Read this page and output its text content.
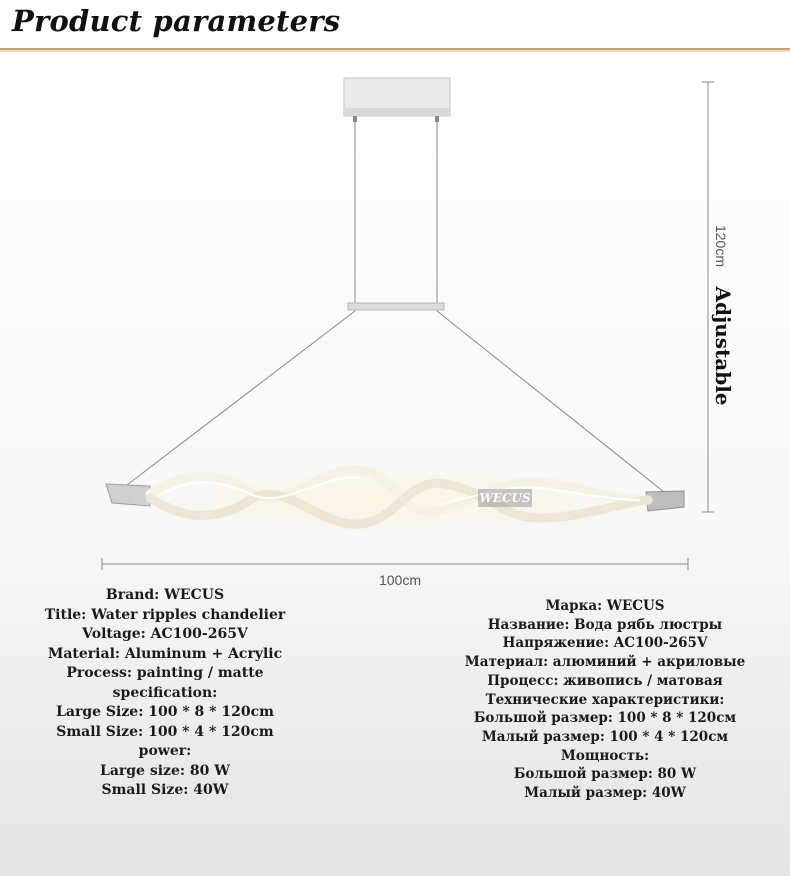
WECUS
120cm
Adjustable
100cm
Product parameters
Brand: WECUS
Title: Water ripples chandelier
Voltage: AC100-265V
Material: Aluminum + Acrylic
Process: painting / matte
specification:
Large Size: 100 * 8 * 120cm
Small Size: 100 * 4 * 120cm
power:
Large size: 80 W
Small Size: 40W
Марка: WECUS
Название: Вода рябь люстры
Напряжение: AC100-265V
Материал: алюминий + акриловые
Процесс: живопись / матовая
Технические характеристики:
Большой размер: 100 * 8 * 120см
Малый размер: 100 * 4 * 120см
Мощность:
Большой размер: 80 W
Малый размер: 40W
